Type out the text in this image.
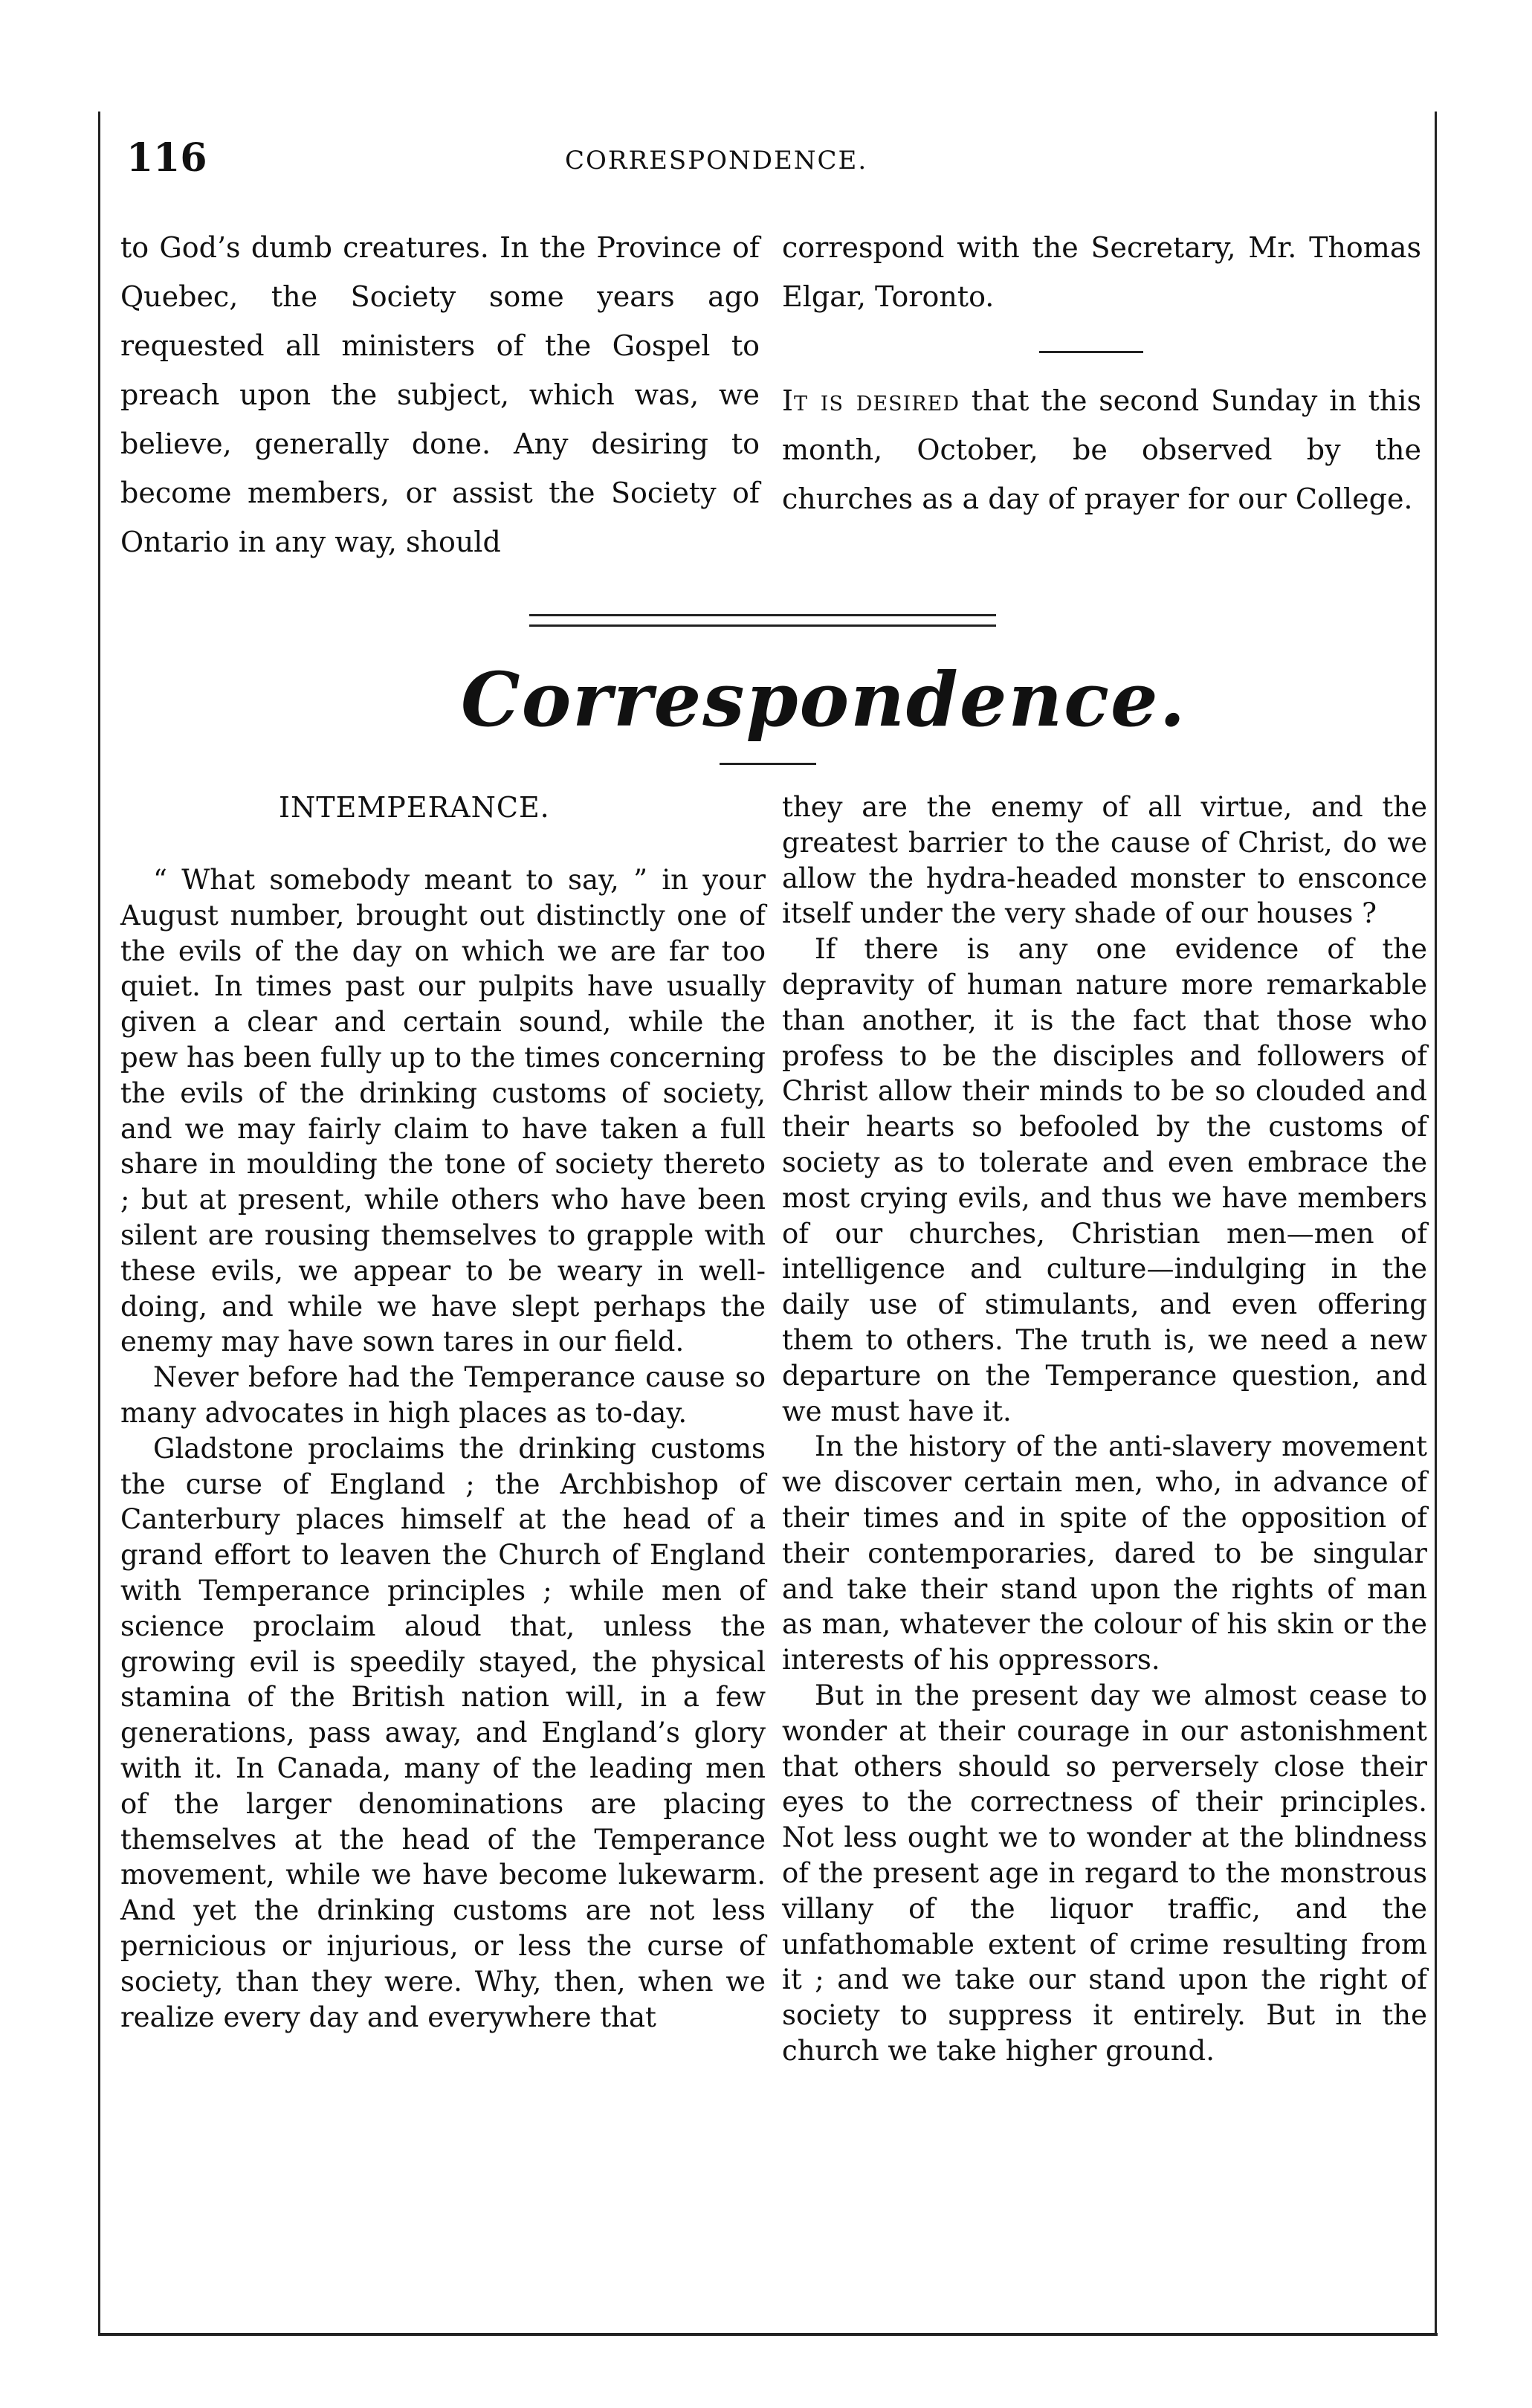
116	CORRESPONDENCE.

to God’s dumb creatures. In the Province of Quebec, the Society some years ago requested all ministers of the Gospel to preach upon the subject, which was, we believe, generally done. Any desiring to become members, or assist the Society of Ontario in any way, should

correspond with the Secretary, Mr. Thomas Elgar, Toronto.

It is desired that the second Sunday in this month, October, be observed by the churches as a day of prayer for our College.

Correspondence.
INTEMPERANCE.

“ What somebody meant to say, ” in your August number, brought out distinctly one of the evils of the day on which we are far too quiet. In times past our pulpits have usually given a clear and certain sound, while the pew has been fully up to the times concerning the evils of the drinking customs of society, and we may fairly claim to have taken a full share in moulding the tone of society thereto ; but at present, while others who have been silent are rousing themselves to grapple with these evils, we appear to be weary in well-doing, and while we have slept perhaps the enemy may have sown tares in our field.

Never before had the Temperance cause so many advocates in high places as to-day.

Gladstone proclaims the drinking customs the curse of England ; the Archbishop of Canterbury places himself at the head of a grand effort to leaven the Church of England with Temperance principles ; while men of science proclaim aloud that, unless the growing evil is speedily stayed, the physical stamina of the British nation will, in a few generations, pass away, and England’s glory with it. In Canada, many of the leading men of the larger denominations are placing themselves at the head of the Temperance movement, while we have become lukewarm. And yet the drinking customs are not less pernicious or injurious, or less the curse of society, than they were. Why, then, when we realize every day and everywhere that

they are the enemy of all virtue, and the greatest barrier to the cause of Christ, do we allow the hydra-headed monster to ensconce itself under the very shade of our houses ?

If there is any one evidence of the depravity of human nature more remarkable than another, it is the fact that those who profess to be the disciples and followers of Christ allow their minds to be so clouded and their hearts so befooled by the customs of society as to tolerate and even embrace the most crying evils, and thus we have members of our churches, Christian men—men of intelligence and culture—indulging in the daily use of stimulants, and even offering them to others. The truth is, we need a new departure on the Temperance question, and we must have it.

In the history of the anti-slavery movement we discover certain men, who, in advance of their times and in spite of the opposition of their contemporaries, dared to be singular and take their stand upon the rights of man as man, whatever the colour of his skin or the interests of his oppressors.

But in the present day we almost cease to wonder at their courage in our astonishment that others should so perversely close their eyes to the correctness of their principles. Not less ought we to wonder at the blindness of the present age in regard to the monstrous villany of the liquor traffic, and the unfathomable extent of crime resulting from it ; and we take our stand upon the right of society to suppress it entirely. But in the church we take higher ground.
